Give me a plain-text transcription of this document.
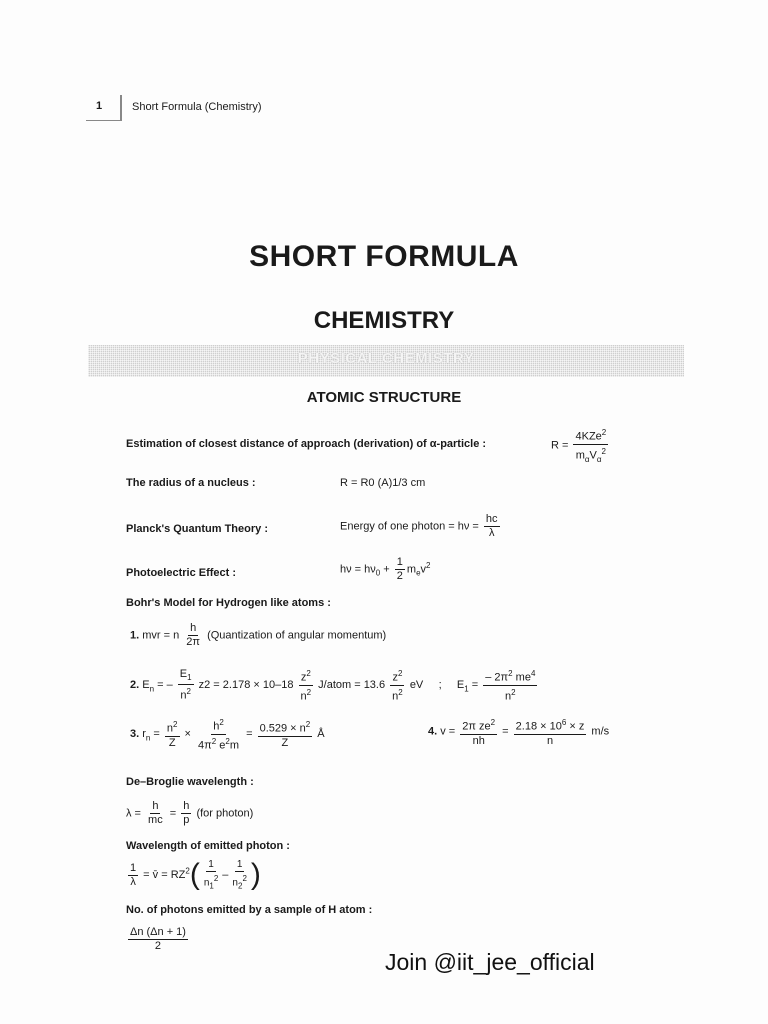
1	Short Formula (Chemistry)
SHORT FORMULA
CHEMISTRY
PHYSICAL CHEMISTRY
ATOMIC STRUCTURE
Estimation of closest distance of approach (derivation) of α-particle :	$R = \frac{4KZe^2}{m_\alpha V_\alpha^2}$
The radius of a nucleus :	R = R0 (A)1/3 cm
Planck's Quantum Theory :	Energy of one photon = $h\nu = \frac{hc}{\lambda}$
Photoelectric Effect :	$h\nu = h\nu_0 + \frac{1}{2} m_ev^2$
Bohr's Model for Hydrogen like atoms :
1. mvr = n $\frac{h}{2\pi}$ (Quantization of angular momentum)
2. $E_n$ = – $\frac{E_1}{n^2} z2 = 2.178 \times 10-18 \frac{z^2}{n^2}$ J/atom = $13.6 \frac{z^2}{n^2}$ eV ;     $E_1 = \frac{- 2\pi^2 me^4}{n^2}$
3. $r_n = \frac{n^2}{Z} \times \frac{h^2}{4\pi^2 e^2m} = \frac{0.529 \times n^2}{Z}$ Å	4. $v = \frac{2\pi ze^2}{nh} = \frac{2.18 \times 10^6 \times z}{n} m/s$
De–Broglie wavelength :
$\lambda = \frac{h}{mc} = \frac{h}{p} (for$ photon)
Wavelength of emitted photon :
$\frac{1}{\lambda}$ = v̄ = $RZ^2( \frac{1}{n_1^2} - \frac{1}{n_2^2}$ )
No. of photons emitted by a sample of H atom :
$\frac{\Delta n (\Delta n + 1)}{2}$
Join @iit_jee_official
